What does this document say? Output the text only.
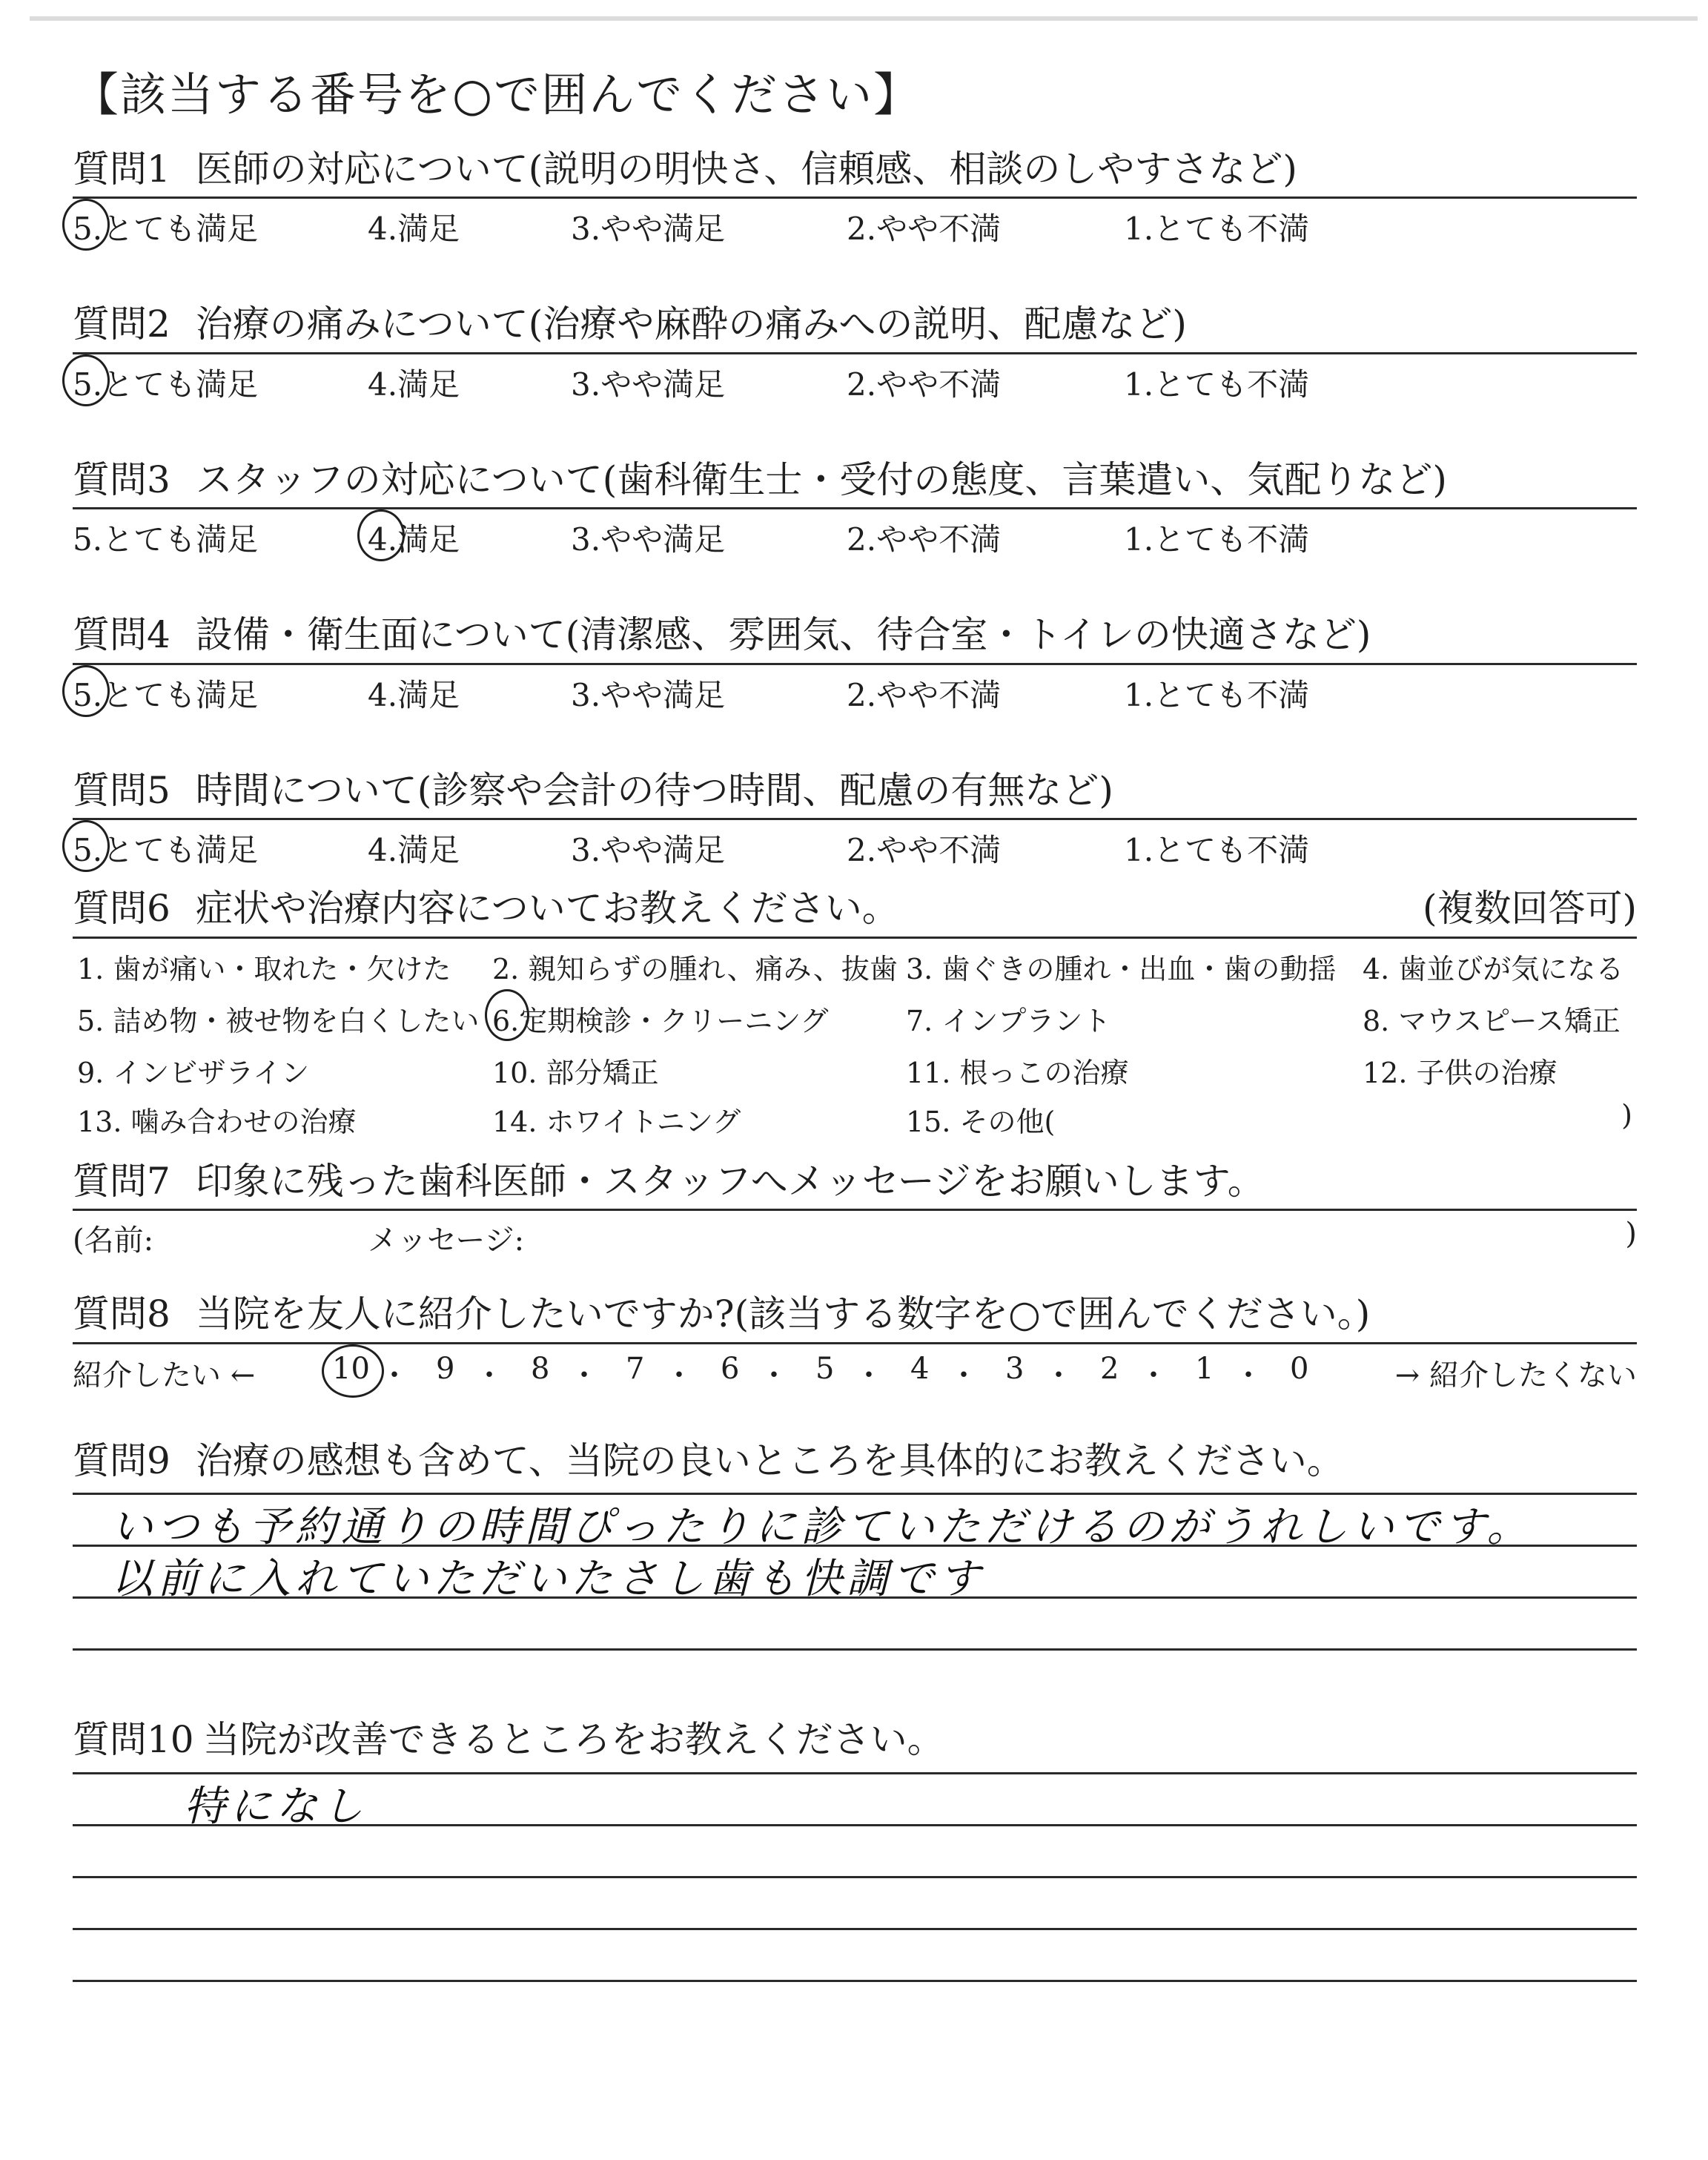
【該当する番号を○で囲んでください】
質問1 医師の対応について(説明の明快さ、信頼感、相談のしやすさなど)
5.とても満足	4.満足	3.やや満足	2.やや不満	1.とても不満
質問2 治療の痛みについて(治療や麻酔の痛みへの説明、配慮など)
5.とても満足	4.満足	3.やや満足	2.やや不満	1.とても不満
質問3 スタッフの対応について(歯科衛生士・受付の態度、言葉遣い、気配りなど)
5.とても満足	4.満足	3.やや満足	2.やや不満	1.とても不満
質問4 設備・衛生面について(清潔感、雰囲気、待合室・トイレの快適さなど)
5.とても満足	4.満足	3.やや満足	2.やや不満	1.とても不満
質問5 時間について(診察や会計の待つ時間、配慮の有無など)
5.とても満足	4.満足	3.やや満足	2.やや不満	1.とても不満
質問6 症状や治療内容についてお教えください。	(複数回答可)
1. 歯が痛い・取れた・欠けた 2. 親知らずの腫れ、痛み、抜歯 3. 歯ぐきの腫れ・出血・歯の動揺 4. 歯並びが気になる
5. 詰め物・被せ物を白くしたい 6.定期検診・クリーニング	7. インプラント	8. マウスピース矯正
9. インビザライン	10. 部分矯正	11. 根っこの治療	12. 子供の治療
13. 噛み合わせの治療	14. ホワイトニング	15. その他(	)
質問7 印象に残った歯科医師・スタッフへメッセージをお願いします。
(名前:	メッセージ:	)
質問8 当院を友人に紹介したいですか?(該当する数字を○で囲んでください。)
紹介したい ←	→ 紹介したくない
10 ・ 9 ・ 8 ・ 7 ・ 6 ・ 5 ・ 4 ・ 3 ・ 2 ・ 1 ・ 0
質問9 治療の感想も含めて、当院の良いところを具体的にお教えください。
いつも予約通りの時間ぴったりに診ていただけるのがうれしいです。
以前に入れていただいたさし歯も快調です
質問10 当院が改善できるところをお教えください。
特になし
